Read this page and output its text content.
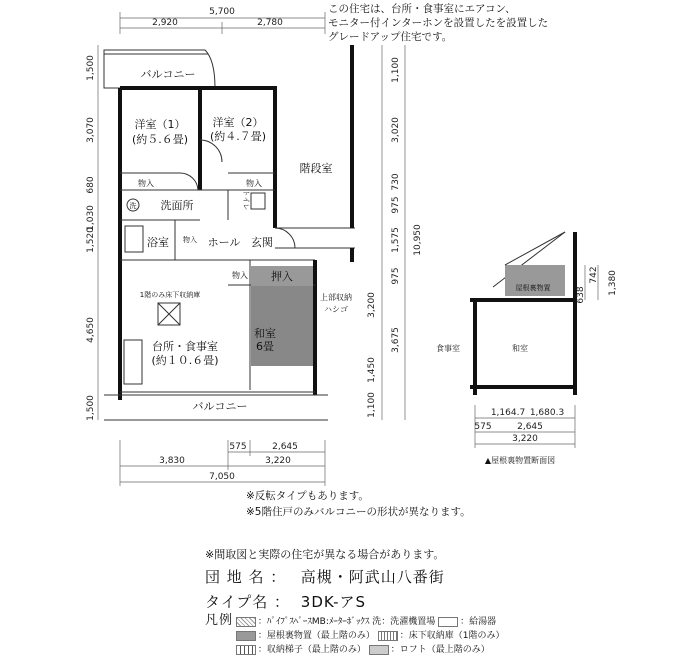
この住宅は、台所・食事室にエアコン、
モニター付インターホンを設置したを設置した
グレードアップ住宅です。
5,700
2,920	2,780
1,500
3,070
1,030
680
1,520
4,650
1,500
1,100
3,020
730
975
1,575
975
3,200
3,675
1,450
1,100
10,950
バルコニー
洋室（1）
(約５.６畳)
洋室（2）
(約４.７畳)
物入	物入
洗 洗面所	トイレ
浴室 物入 ホール 玄関
階段室
物入 押入
上部収納
ハシゴ
和室
6畳
1階のみ床下収納庫
台所・食事室
(約１０.６畳)
バルコニー
575	2,645
3,830	3,220
7,050
屋根裏物置
食事室	和室
638
742 1,380
1,164.7 1,680.3
575	2,645
3,220
▲屋根裏物置断面図
※反転タイプもあります。
※5階住戸のみバルコニーの形状が異なります。
※間取図と実際の住宅が異なる場合があります。
団 地 名 ： 高槻・阿武山八番街
タイプ名 ： 3DK-アS
凡例	：ﾊﾟｲﾌﾟｽﾍﾟｰｽMB:ﾒｰﾀｰﾎﾞｯｸｽ 洗：洗濯機置場	：給湯器
：屋根裏物置（最上階のみ）	：床下収納庫（1階のみ）
：収納梯子（最上階のみ）	：ロフト（最上階のみ）
